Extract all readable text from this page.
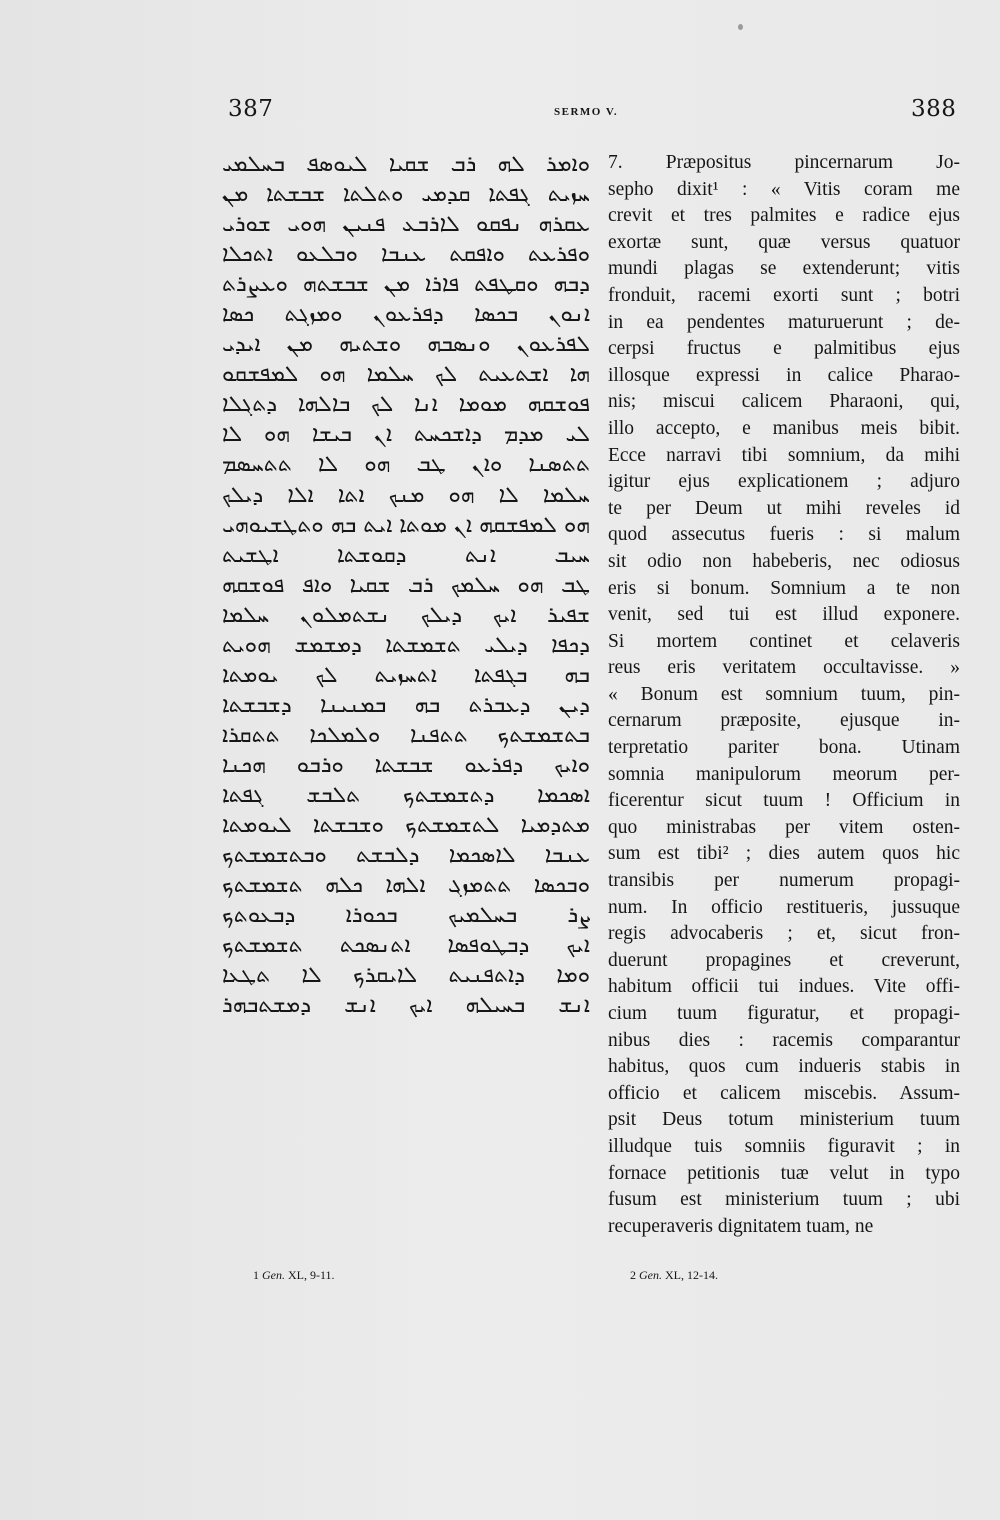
387	SERMO V.	388
ܘܐܡܪ ܠܗ ܪܒ ܫܩܝܐ ܠܝܘܣܦ ܒܚܠܡܝ
ܚܙܝܬ ܓܦܬܐ ܩܕܡܝ ܘܬܠܬܐ ܫܒܫܬܐ ܡܢ
ܥܩܪܗ ܢܦܩܘ ܠܐܪܒܥ ܦܢܝܢ ܗܘܝ ܫܘܪܝ
ܘܦܪܥܬ ܘܐܦܩܬ ܥܢܒܐ ܘܒܠܥܘ ܐܬܟܠܐ
ܕܒܗ ܘܩܛܦܬ ܦܐܪܐ ܡܢ ܫܒܫܬܗ ܘܥܨܪܬ
ܐܢܘܢ ܒܟܣܐ ܕܦܪܥܘܢ ܘܡܙܓܬ ܟܣܐ
ܠܦܪܥܘܢ ܘܢܣܒܗ ܘܫܬܝܗ ܡܢ ܐܝܕܝ
ܗܐ ܐܫܬܥܝܬ ܠܟ ܚܠܡܐ ܗܘ ܠܡܦܫܩܘ
ܦܘܫܩܗ ܡܘܡܐ ܐܢܐ ܠܟ ܒܐܠܗܐ ܕܬܓܠܐ
ܠܝ ܡܕܡ ܕܐܫܟܚܬ ܐܢ ܒܝܫܐ ܗܘ ܠܐ
ܬܬܣܢܐ ܘܐܢ ܛܒ ܗܘ ܠܐ ܬܬܚܣܡ
ܚܠܡܐ ܠܐ ܗܘ ܡܢܟ ܐܬܐ ܐܠܐ ܕܝܠܟ
ܗܘ ܠܡܦܫܩܗ ܐܢ ܡܘܬܐ ܐܝܬ ܒܗ ܘܬܛܫܝܘܗܝ
ܚܝܒ ܐܢܬ ܕܩܘܫܬܐ ܐܛܫܝܬ
ܛܒ ܗܘ ܚܠܡܟ ܪܒ ܫܩܝܐ ܘܐܦ ܦܘܫܩܗ
ܫܦܝܪ ܐܝܟ ܕܝܠܟ ܢܫܬܡܠܘܢ ܚܠܡܐ
ܕܟܦܐ ܕܝܠܝ ܬܫܡܫܬܐ ܕܡܫܡܫ ܗܘܝܬ
ܒܗ ܒܓܦܬܐ ܐܬܚܙܝܬ ܠܟ ܝܘܡܬܐ
ܕܝܢ ܕܥܒܪܬ ܒܗ ܒܡܢܝܢܐ ܕܫܒܫܬܐ
ܒܬܫܡܫܬܟ ܬܬܦܢܐ ܘܠܡܠܟܐ ܬܬܩܪܐ
ܘܐܝܟ ܕܦܪܥܘ ܫܒܫܬܐ ܘܪܒܘ ܗܟܢܐ
ܐܣܟܡܐ ܕܬܫܡܫܬܟ ܬܠܒܫ ܓܦܬܐ
ܡܬܕܡܝܐ ܠܬܫܡܫܬܟ ܘܫܒܫܬܐ ܠܝܘܡܬܐ
ܥܢܒܐ ܠܐܣܟܡܐ ܕܠܒܫܬ ܘܒܬܫܡܫܬܟ
ܘܒܟܣܐ ܬܬܡܙܓ ܐܠܗܐ ܟܠܗ ܬܫܡܫܬܟ
ܨܪ ܒܚܠܡܝܟ ܒܟܘܪܐ ܕܒܥܘܬܟ
ܐܝܟ ܕܒܛܘܦܣܐ ܐܬܢܣܟܬ ܬܫܡܫܬܟ
ܘܡܐ ܕܐܬܦܢܝܬ ܠܐܝܩܪܟ ܠܐ ܬܛܥܐ
ܐܢܫ ܒܚܝܠܗ ܐܝܟ ܐܢܫ ܕܡܫܬܒܗܪ
1 Gen. XL, 9-11.
7. Præpositus pincernarum Jo-
sepho dixit¹ : « Vitis coram me
crevit et tres palmites e radice ejus
exortæ sunt, quæ versus quatuor
mundi plagas se extenderunt; vitis
fronduit, racemi exorti sunt ; botri
in ea pendentes maturuerunt ; de-
cerpsi fructus e palmitibus ejus
illosque expressi in calice Pharao-
nis; miscui calicem Pharaoni, qui,
illo accepto, e manibus meis bibit.
Ecce narravi tibi somnium, da mihi
igitur ejus explicationem ; adjuro
te per Deum ut mihi reveles id
quod assecutus fueris : si malum
sit odio non habeberis, nec odiosus
eris si bonum. Somnium a te non
venit, sed tui est illud exponere.
Si mortem continet et celaveris
reus eris veritatem occultavisse. »
« Bonum est somnium tuum, pin-
cernarum præposite, ejusque in-
terpretatio pariter bona. Utinam
somnia manipulorum meorum per-
ficerentur sicut tuum ! Officium in
quo ministrabas per vitem osten-
sum est tibi² ; dies autem quos hic
transibis per numerum propagi-
num. In officio restitueris, jussuque
regis advocaberis ; et, sicut fron-
duerunt propagines et creverunt,
habitum officii tui indues. Vite offi-
cium tuum figuratur, et propagi-
nibus dies : racemis comparantur
habitus, quos cum indueris stabis in
officio et calicem miscebis. Assum-
psit Deus totum ministerium tuum
illudque tuis somniis figuravit ; in
fornace petitionis tuæ velut in typo
fusum est ministerium tuum ; ubi
recuperaveris dignitatem tuam, ne
2 Gen. XL, 12-14.
